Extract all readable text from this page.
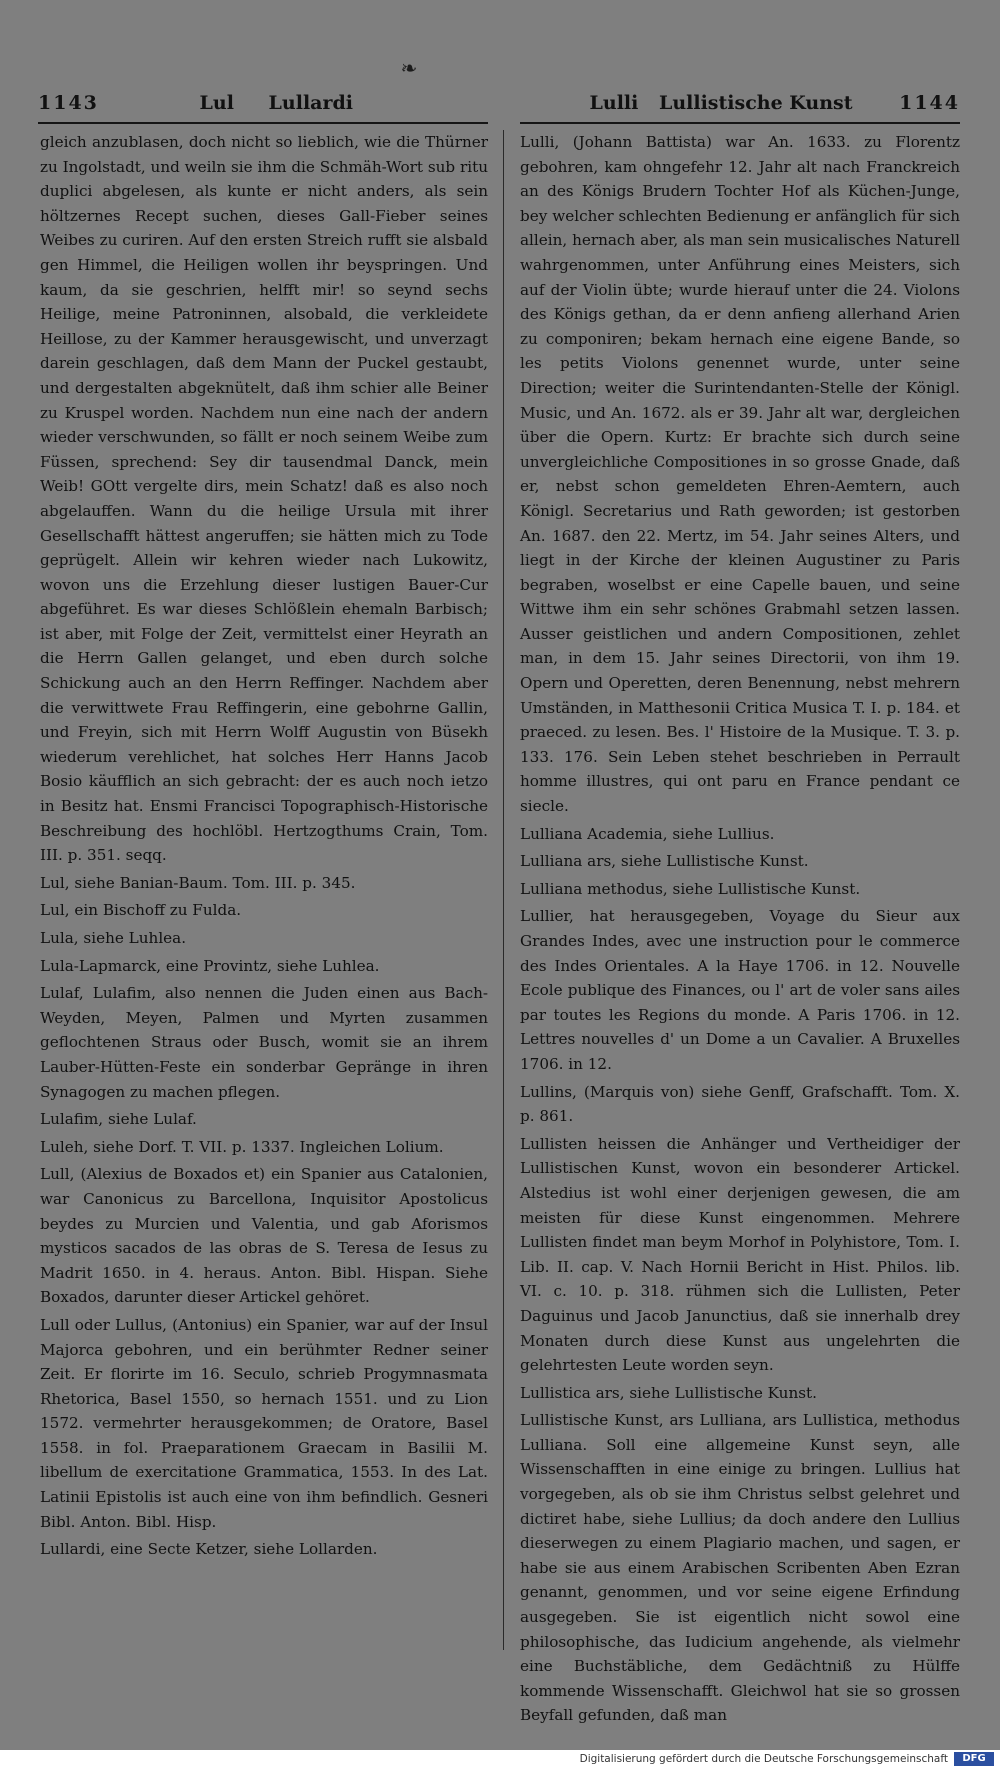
❧
1143	Lul Lullardi	Lulli Lullistische Kunst 1144

gleich anzublasen, doch nicht so lieblich, wie die Thürner zu Ingolstadt, und weiln sie ihm die Schmäh-Wort sub ritu duplici abgelesen, als kunte er nicht anders, als sein höltzernes Recept suchen, dieses Gall-Fieber seines Weibes zu curiren. Auf den ersten Streich rufft sie alsbald gen Himmel, die Heiligen wollen ihr beyspringen. Und kaum, da sie geschrien, helfft mir! so seynd sechs Heilige, meine Patroninnen, alsobald, die verkleidete Heillose, zu der Kammer herausgewischt, und unverzagt darein geschlagen, daß dem Mann der Puckel gestaubt, und dergestalten abgeknütelt, daß ihm schier alle Beiner zu Kruspel worden. Nachdem nun eine nach der andern wieder verschwunden, so fällt er noch seinem Weibe zum Füssen, sprechend: Sey dir tausendmal Danck, mein Weib! GOtt vergelte dirs, mein Schatz! daß es also noch abgelauffen. Wann du die heilige Ursula mit ihrer Gesellschafft hättest angeruffen; sie hätten mich zu Tode geprügelt. Allein wir kehren wieder nach Lukowitz, wovon uns die Erzehlung dieser lustigen Bauer-Cur abgeführet. Es war dieses Schlößlein ehemaln Barbisch; ist aber, mit Folge der Zeit, vermittelst einer Heyrath an die Herrn Gallen gelanget, und eben durch solche Schickung auch an den Herrn Reffinger. Nachdem aber die verwittwete Frau Reffingerin, eine gebohrne Gallin, und Freyin, sich mit Herrn Wolff Augustin von Büsekh wiederum verehlichet, hat solches Herr Hanns Jacob Bosio käufflich an sich gebracht: der es auch noch ietzo in Besitz hat. Ensmi Francisci Topographisch-Historische Beschreibung des hochlöbl. Hertzogthums Crain, Tom. III. p. 351. seqq.

Lul, siehe Banian-Baum. Tom. III. p. 345.

Lul, ein Bischoff zu Fulda.

Lula, siehe Luhlea.

Lula-Lapmarck, eine Provintz, siehe Luhlea.

Lulaf, Lulafim, also nennen die Juden einen aus Bach-Weyden, Meyen, Palmen und Myrten zusammen geflochtenen Straus oder Busch, womit sie an ihrem Lauber-Hütten-Feste ein sonderbar Gepränge in ihren Synagogen zu machen pflegen.

Lulafim, siehe Lulaf.

Luleh, siehe Dorf. T. VII. p. 1337. Ingleichen Lolium.

Lull, (Alexius de Boxados et) ein Spanier aus Catalonien, war Canonicus zu Barcellona, Inquisitor Apostolicus beydes zu Murcien und Valentia, und gab Aforismos mysticos sacados de las obras de S. Teresa de Iesus zu Madrit 1650. in 4. heraus. Anton. Bibl. Hispan. Siehe Boxados, darunter dieser Artickel gehöret.

Lull oder Lullus, (Antonius) ein Spanier, war auf der Insul Majorca gebohren, und ein berühmter Redner seiner Zeit. Er florirte im 16. Seculo, schrieb Progymnasmata Rhetorica, Basel 1550, so hernach 1551. und zu Lion 1572. vermehrter herausgekommen; de Oratore, Basel 1558. in fol. Praeparationem Graecam in Basilii M. libellum de exercitatione Grammatica, 1553. In des Lat. Latinii Epistolis ist auch eine von ihm befindlich. Gesneri Bibl. Anton. Bibl. Hisp.

Lullardi, eine Secte Ketzer, siehe Lollarden.

Lulli, (Johann Battista) war An. 1633. zu Florentz gebohren, kam ohngefehr 12. Jahr alt nach Franckreich an des Königs Brudern Tochter Hof als Küchen-Junge, bey welcher schlechten Bedienung er anfänglich für sich allein, hernach aber, als man sein musicalisches Naturell wahrgenommen, unter Anführung eines Meisters, sich auf der Violin übte; wurde hierauf unter die 24. Violons des Königs gethan, da er denn anfieng allerhand Arien zu componiren; bekam hernach eine eigene Bande, so les petits Violons genennet wurde, unter seine Direction; weiter die Surintendanten-Stelle der Königl. Music, und An. 1672. als er 39. Jahr alt war, dergleichen über die Opern. Kurtz: Er brachte sich durch seine unvergleichliche Compositiones in so grosse Gnade, daß er, nebst schon gemeldeten Ehren-Aemtern, auch Königl. Secretarius und Rath geworden; ist gestorben An. 1687. den 22. Mertz, im 54. Jahr seines Alters, und liegt in der Kirche der kleinen Augustiner zu Paris begraben, woselbst er eine Capelle bauen, und seine Wittwe ihm ein sehr schönes Grabmahl setzen lassen. Ausser geistlichen und andern Compositionen, zehlet man, in dem 15. Jahr seines Directorii, von ihm 19. Opern und Operetten, deren Benennung, nebst mehrern Umständen, in Matthesonii Critica Musica T. I. p. 184. et praeced. zu lesen. Bes. l' Histoire de la Musique. T. 3. p. 133. 176. Sein Leben stehet beschrieben in Perrault homme illustres, qui ont paru en France pendant ce siecle.

Lulliana Academia, siehe Lullius.

Lulliana ars, siehe Lullistische Kunst.

Lulliana methodus, siehe Lullistische Kunst.

Lullier, hat herausgegeben, Voyage du Sieur aux Grandes Indes, avec une instruction pour le commerce des Indes Orientales. A la Haye 1706. in 12. Nouvelle Ecole publique des Finances, ou l' art de voler sans ailes par toutes les Regions du monde. A Paris 1706. in 12. Lettres nouvelles d' un Dome a un Cavalier. A Bruxelles 1706. in 12.

Lullins, (Marquis von) siehe Genff, Grafschafft. Tom. X. p. 861.

Lullisten heissen die Anhänger und Vertheidiger der Lullistischen Kunst, wovon ein besonderer Artickel. Alstedius ist wohl einer derjenigen gewesen, die am meisten für diese Kunst eingenommen. Mehrere Lullisten findet man beym Morhof in Polyhistore, Tom. I. Lib. II. cap. V. Nach Hornii Bericht in Hist. Philos. lib. VI. c. 10. p. 318. rühmen sich die Lullisten, Peter Daguinus und Jacob Janunctius, daß sie innerhalb drey Monaten durch diese Kunst aus ungelehrten die gelehrtesten Leute worden seyn.

Lullistica ars, siehe Lullistische Kunst.

Lullistische Kunst, ars Lulliana, ars Lullistica, methodus Lulliana. Soll eine allgemeine Kunst seyn, alle Wissenschafften in eine einige zu bringen. Lullius hat vorgegeben, als ob sie ihm Christus selbst gelehret und dictiret habe, siehe Lullius; da doch andere den Lullius dieserwegen zu einem Plagiario machen, und sagen, er habe sie aus einem Arabischen Scribenten Aben Ezran genannt, genommen, und vor seine eigene Erfindung ausgegeben. Sie ist eigentlich nicht sowol eine philosophische, das Iudicium angehende, als vielmehr eine Buchstäbliche, dem Gedächtniß zu Hülffe kommende Wissenschafft. Gleichwol hat sie so grossen Beyfall gefunden, daß man

Digitalisierung gefördert durch die Deutsche Forschungsgemeinschaft	DFG
